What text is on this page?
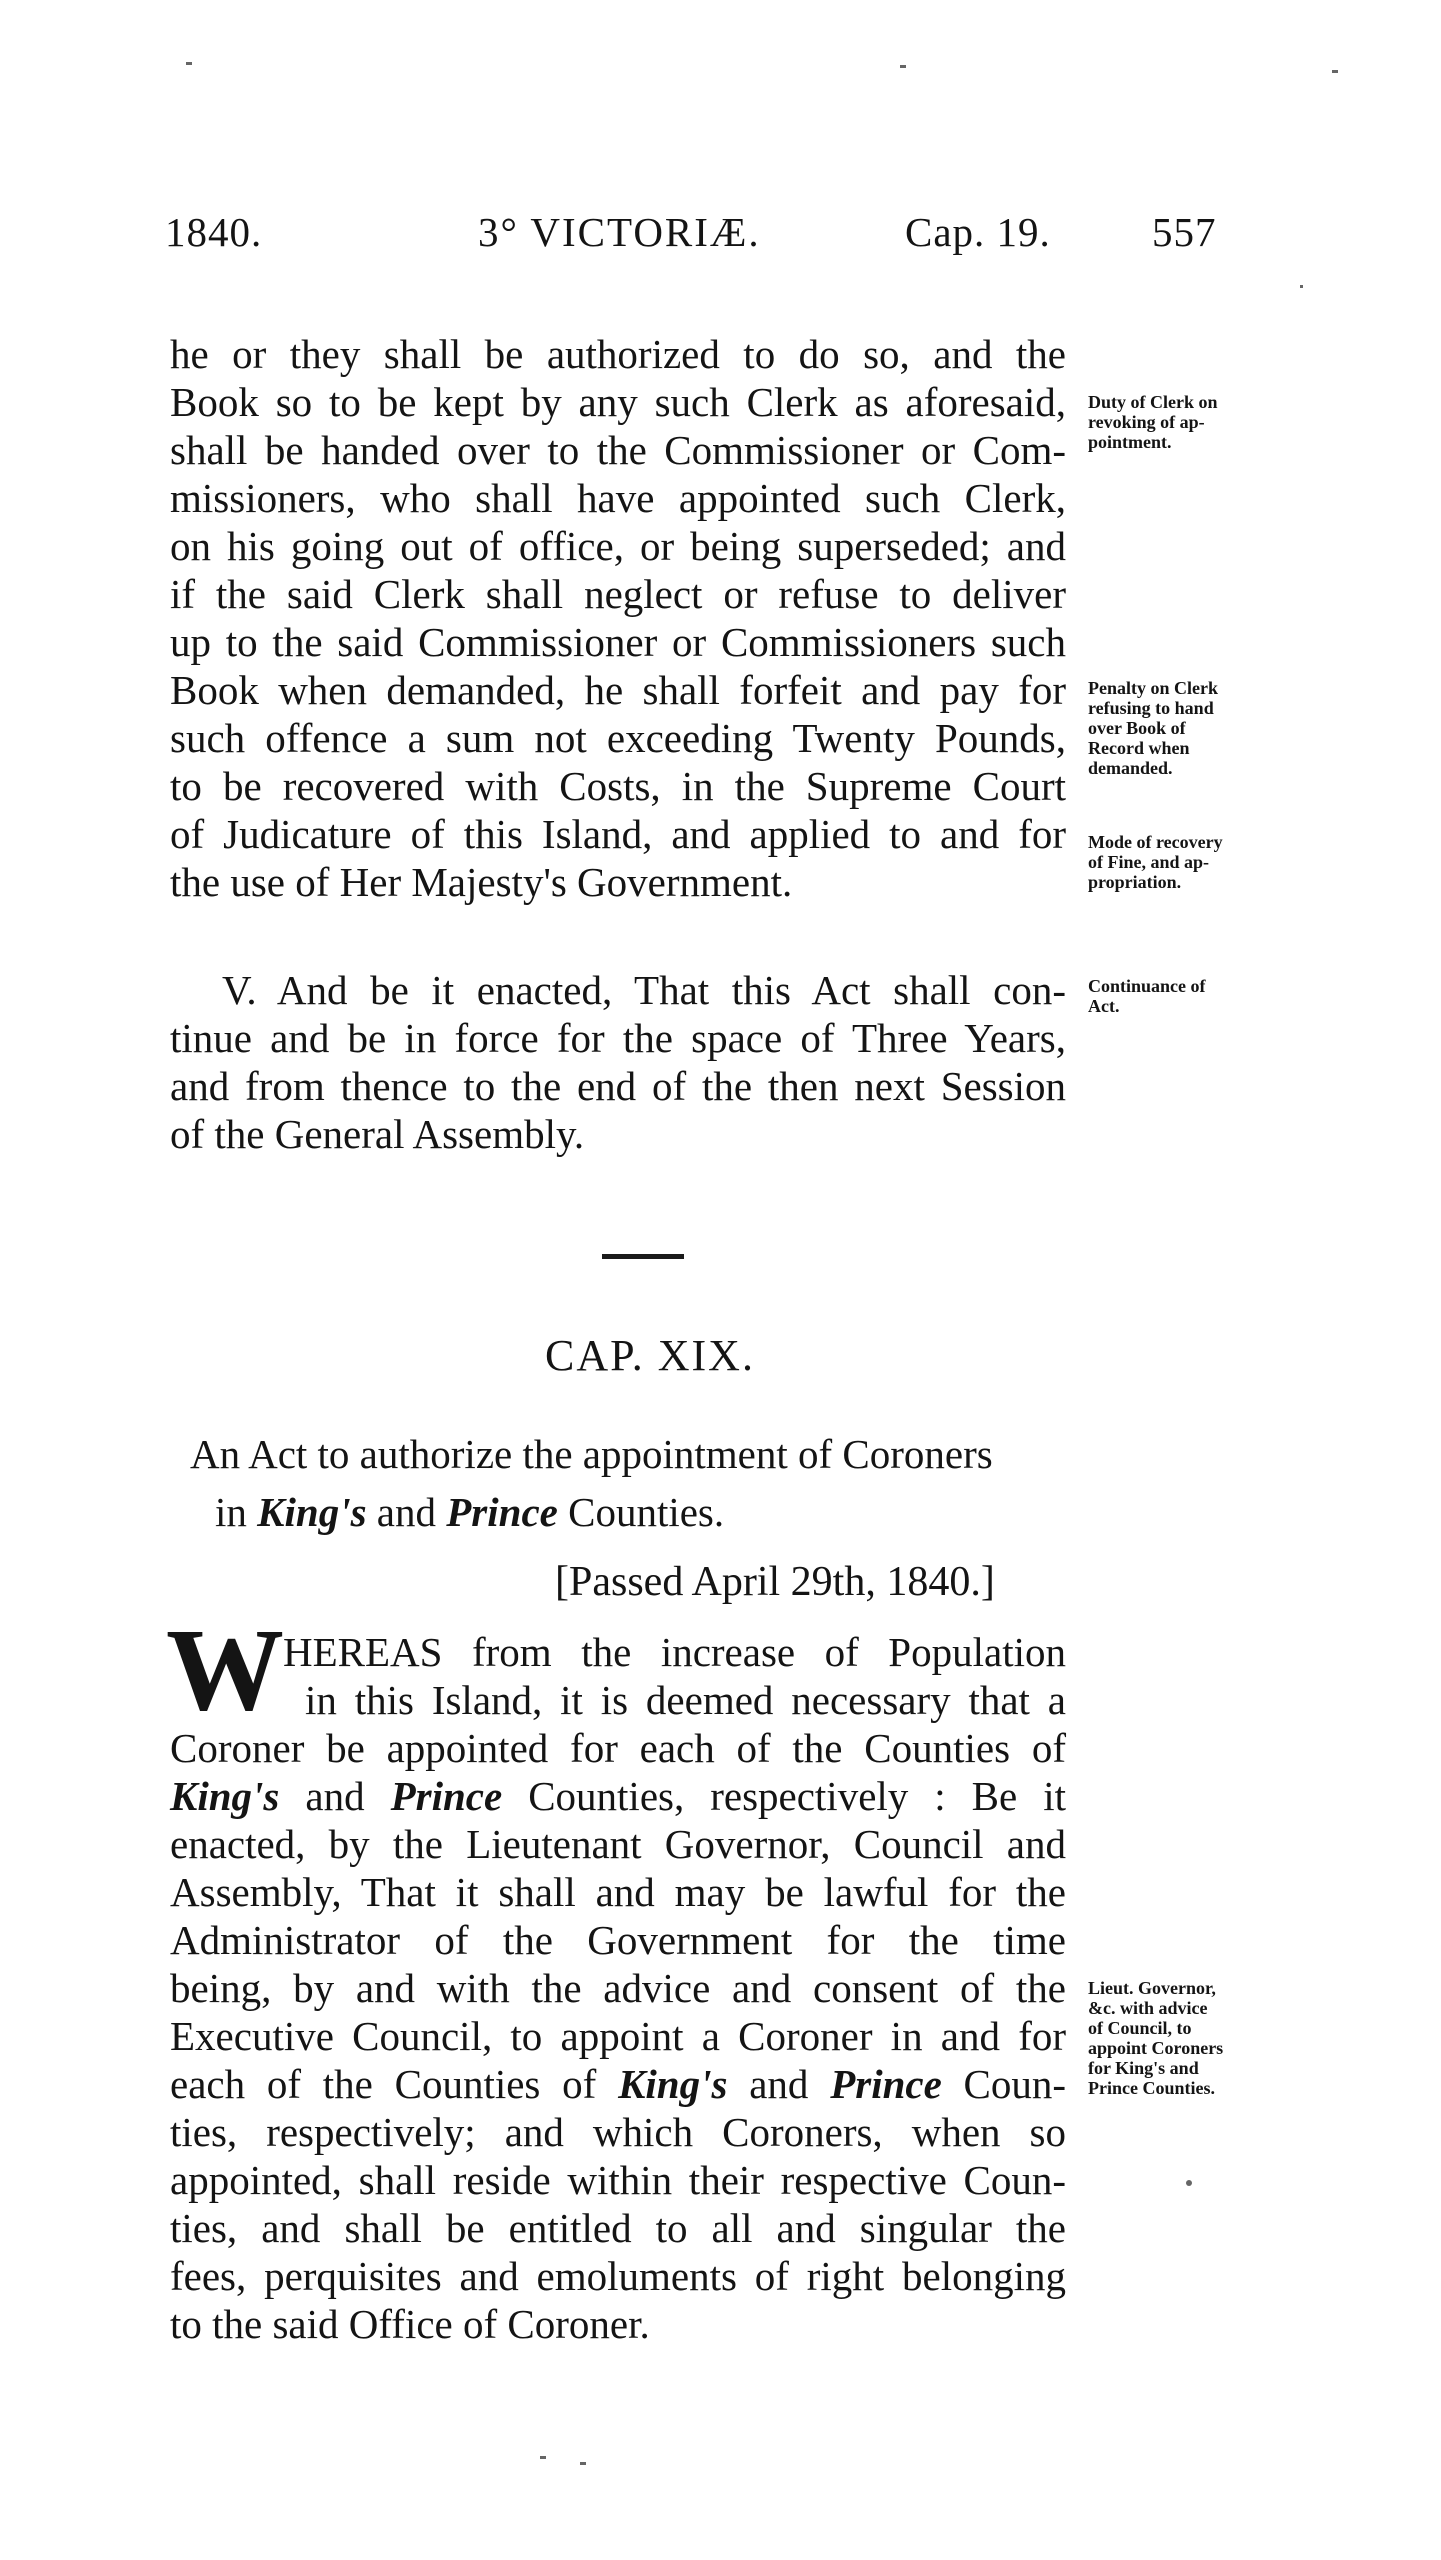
1840.	3° VICTORIÆ.	Cap. 19. 557
he or they shall be authorized to do so, and the
Book so to be kept by any such Clerk as aforesaid,
shall be handed over to the Commissioner or Com-
missioners, who shall have appointed such Clerk,
on his going out of office, or being superseded; and
if the said Clerk shall neglect or refuse to deliver
up to the said Commissioner or Commissioners such
Book when demanded, he shall forfeit and pay for
such offence a sum not exceeding Twenty Pounds,
to be recovered with Costs, in the Supreme Court
of Judicature of this Island, and applied to and for
the use of Her Majesty's Government.
Duty of Clerk on
revoking of ap-
pointment.
Penalty on Clerk
refusing to hand
over Book of
Record when
demanded.
Mode of recovery
of Fine, and ap-
propriation.
V. And be it enacted, That this Act shall con-
tinue and be in force for the space of Three Years,
and from thence to the end of the then next Session
of the General Assembly.
Continuance of
Act.
CAP. XIX.
An Act to authorize the appointment of Coroners
in King's and Prince Counties.
[Passed April 29th, 1840.]
W HEREAS from the increase of Population
in this Island, it is deemed necessary that a
Coroner be appointed for each of the Counties of
King's and Prince Counties, respectively : Be it
enacted, by the Lieutenant Governor, Council and
Assembly, That it shall and may be lawful for the
Administrator of the Government for the time
being, by and with the advice and consent of the
Executive Council, to appoint a Coroner in and for
each of the Counties of King's and Prince Coun-
ties, respectively; and which Coroners, when so
appointed, shall reside within their respective Coun-
ties, and shall be entitled to all and singular the
fees, perquisites and emoluments of right belonging
to the said Office of Coroner.
Lieut. Governor,
&c. with advice
of Council, to
appoint Coroners
for King's and
Prince Counties.
